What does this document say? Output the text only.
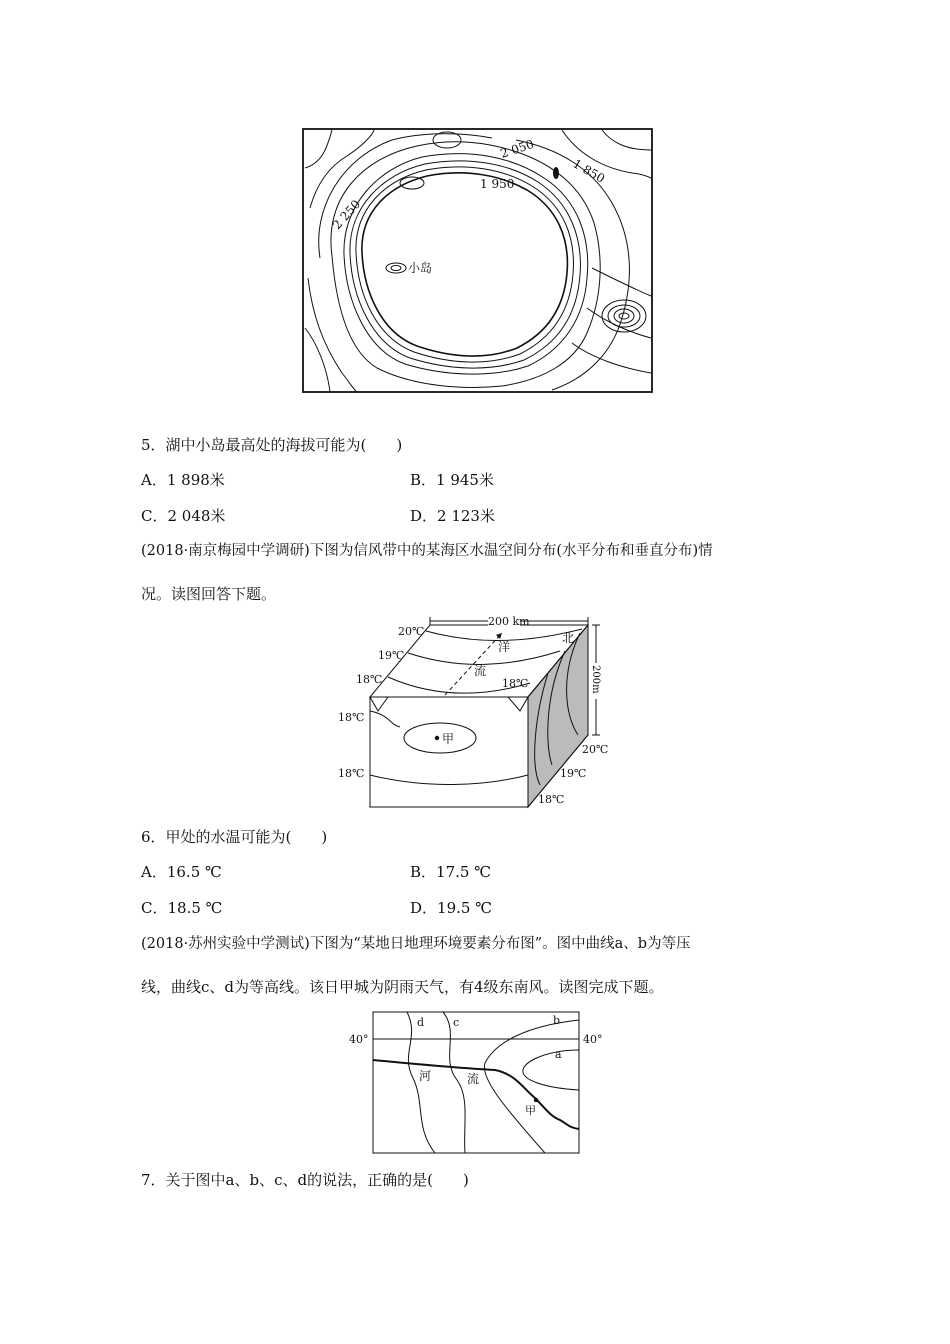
2 050
1 850
1 950
2 250
小岛
5．湖中小岛最高处的海拔可能为(　　)
A．1 898米	B．1 945米
C．2 048米	D．2 123米
(2018·南京梅园中学调研)下图为信风带中的某海区水温空间分布(水平分布和垂直分布)情
况。读图回答下题。
200 km
200m
北
洋
流
甲
20℃
19℃
18℃	18℃
18℃
18℃
20℃
19℃
18℃
6．甲处的水温可能为(　　)
A．16.5 ℃	B．17.5 ℃
C．18.5 ℃	D．19.5 ℃
(2018·苏州实验中学测试)下图为“某地日地理环境要素分布图”。图中曲线a、b为等压
线，曲线c、d为等高线。该日甲城为阴雨天气，有4级东南风。读图完成下题。
40°	40°
d	c	b
a
河	流
甲
7．关于图中a、b、c、d的说法，正确的是(　　)
